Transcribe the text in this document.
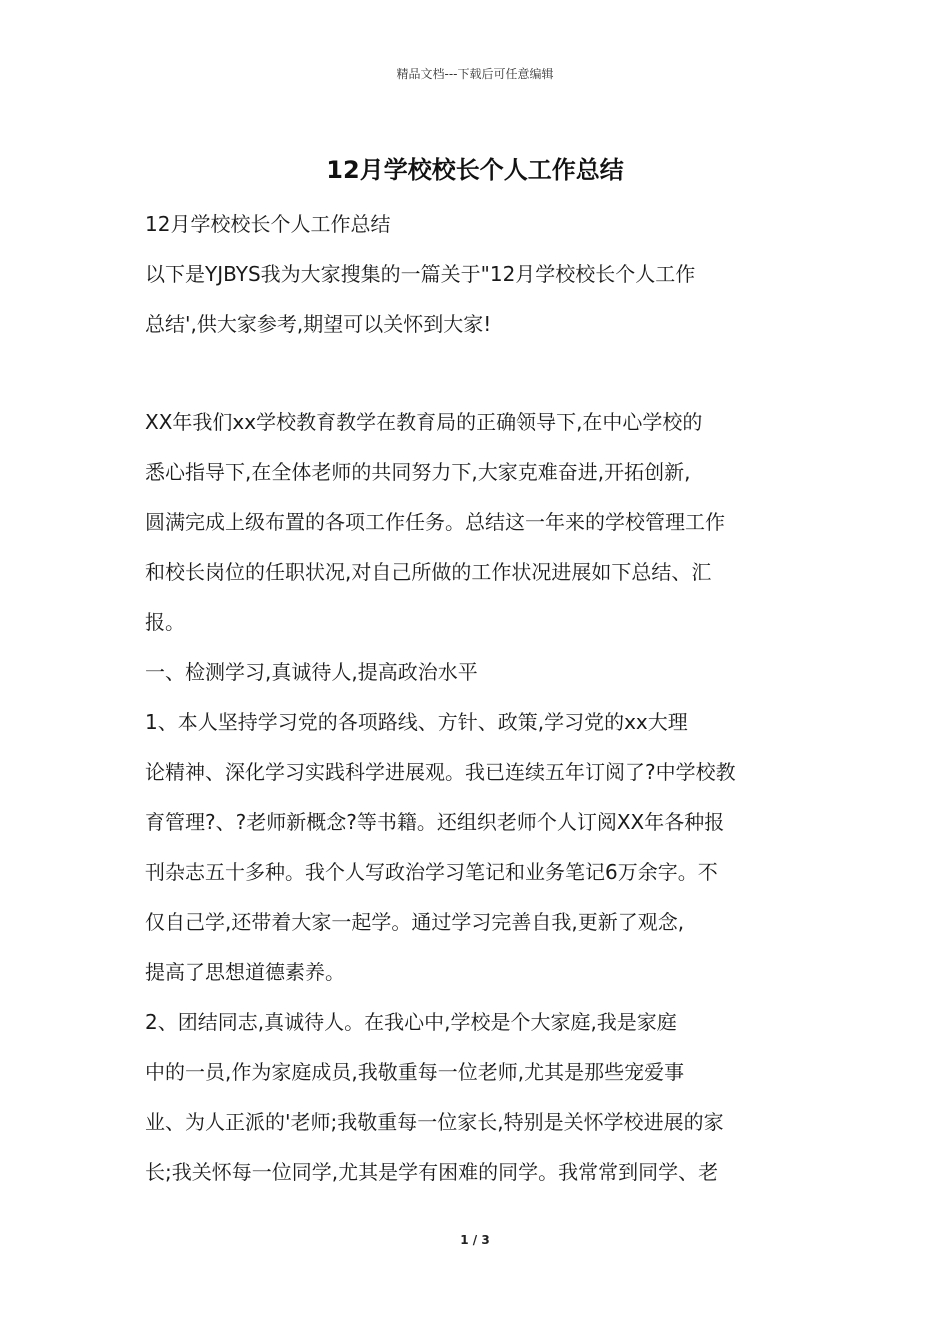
精品文档---下载后可任意编辑
12月学校校长个人工作总结
12月学校校长个人工作总结
以下是YJBYS我为大家搜集的一篇关于"12月学校校长个人工作
总结',供大家参考,期望可以关怀到大家!
XX年我们xx学校教育教学在教育局的正确领导下,在中心学校的
悉心指导下,在全体老师的共同努力下,大家克难奋进,开拓创新,
圆满完成上级布置的各项工作任务。总结这一年来的学校管理工作
和校长岗位的任职状况,对自己所做的工作状况进展如下总结、汇
报。
一、检测学习,真诚待人,提高政治水平
1、本人坚持学习党的各项路线、方针、政策,学习党的xx大理
论精神、深化学习实践科学进展观。我已连续五年订阅了?中学校教
育管理?、?老师新概念?等书籍。还组织老师个人订阅XX年各种报
刊杂志五十多种。我个人写政治学习笔记和业务笔记6万余字。不
仅自己学,还带着大家一起学。通过学习完善自我,更新了观念,
提高了思想道德素养。
2、团结同志,真诚待人。在我心中,学校是个大家庭,我是家庭
中的一员,作为家庭成员,我敬重每一位老师,尤其是那些宠爱事
业、为人正派的'老师;我敬重每一位家长,特别是关怀学校进展的家
长;我关怀每一位同学,尤其是学有困难的同学。我常常到同学、老
1 / 3
